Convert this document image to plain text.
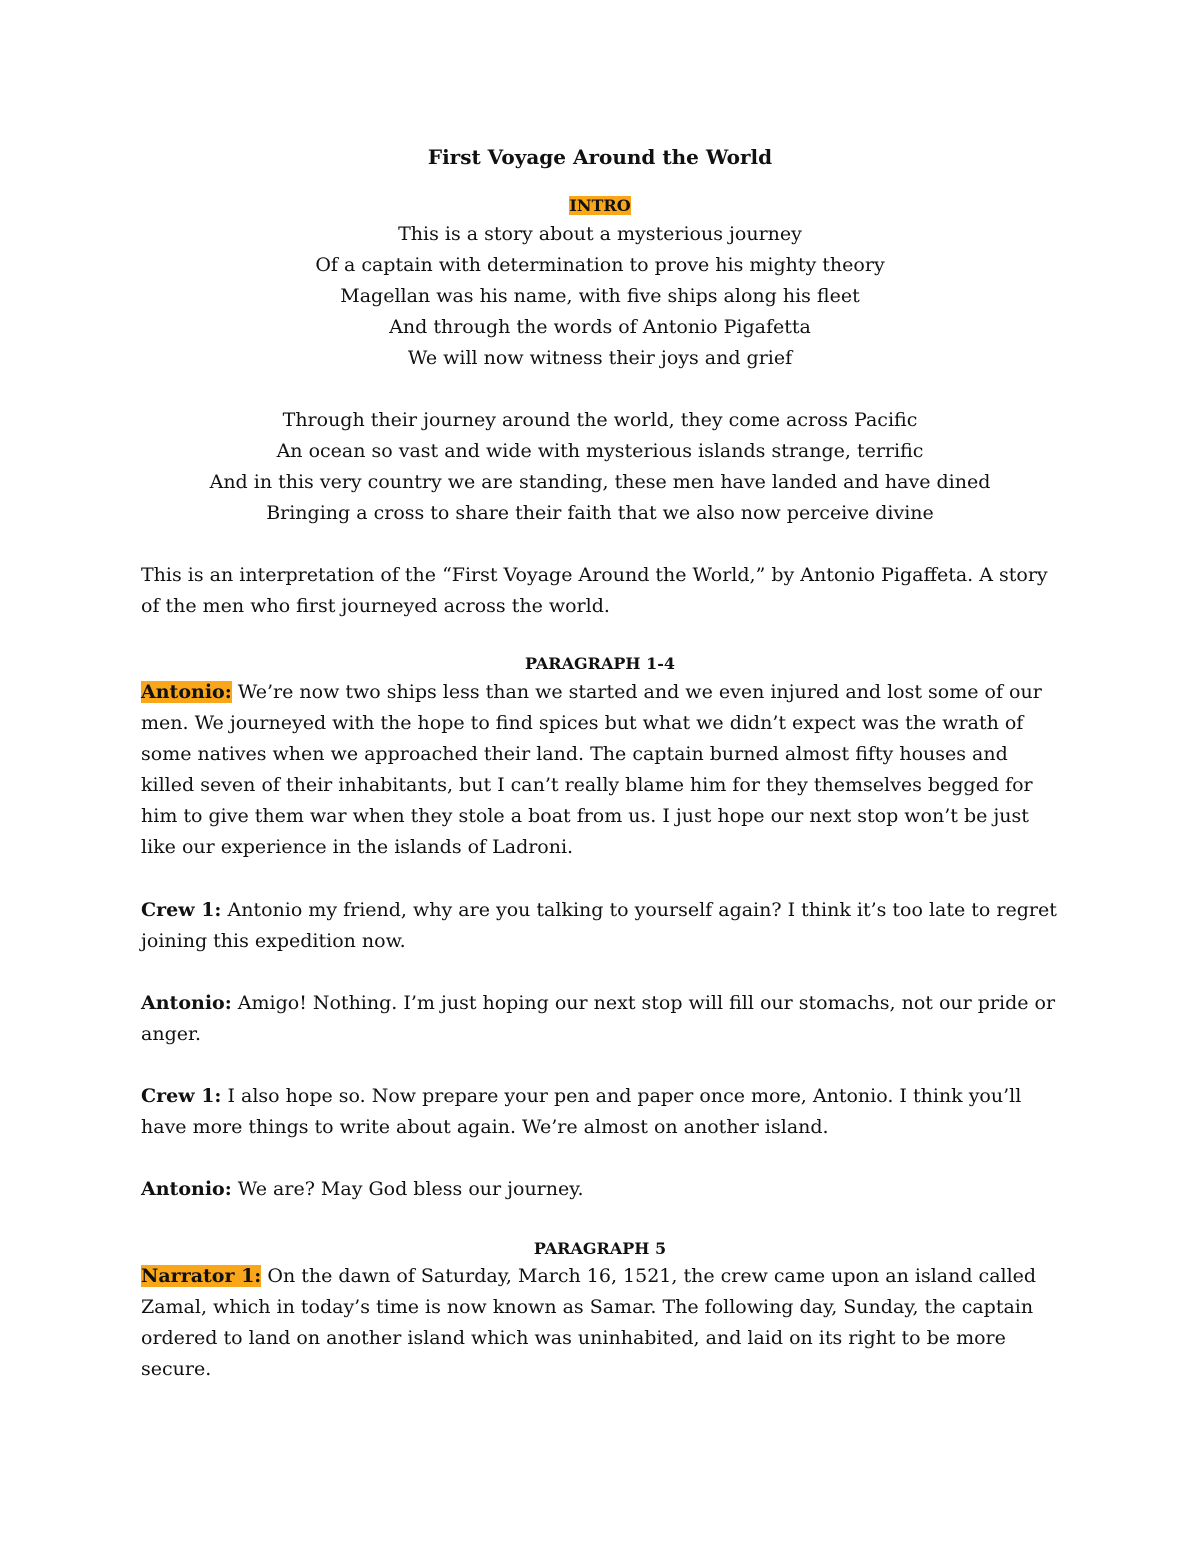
First Voyage Around the World
INTRO
This is a story about a mysterious journey
Of a captain with determination to prove his mighty theory
Magellan was his name, with five ships along his fleet
And through the words of Antonio Pigafetta
We will now witness their joys and grief
Through their journey around the world, they come across Pacific
An ocean so vast and wide with mysterious islands strange, terrific
And in this very country we are standing, these men have landed and have dined
Bringing a cross to share their faith that we also now perceive divine

This is an interpretation of the “First Voyage Around the World,” by Antonio Pigaffeta. A story of the men who first journeyed across the world.

PARAGRAPH 1-4

Antonio: We’re now two ships less than we started and we even injured and lost some of our men. We journeyed with the hope to find spices but what we didn’t expect was the wrath of some natives when we approached their land. The captain burned almost fifty houses and killed seven of their inhabitants, but I can’t really blame him for they themselves begged for him to give them war when they stole a boat from us. I just hope our next stop won’t be just like our experience in the islands of Ladroni.

Crew 1: Antonio my friend, why are you talking to yourself again? I think it’s too late to regret joining this expedition now.

Antonio: Amigo! Nothing. I’m just hoping our next stop will fill our stomachs, not our pride or anger.

Crew 1: I also hope so. Now prepare your pen and paper once more, Antonio. I think you’ll have more things to write about again. We’re almost on another island.

Antonio: We are? May God bless our journey.

PARAGRAPH 5

Narrator 1: On the dawn of Saturday, March 16, 1521, the crew came upon an island called Zamal, which in today’s time is now known as Samar. The following day, Sunday, the captain ordered to land on another island which was uninhabited, and laid on its right to be more secure.
